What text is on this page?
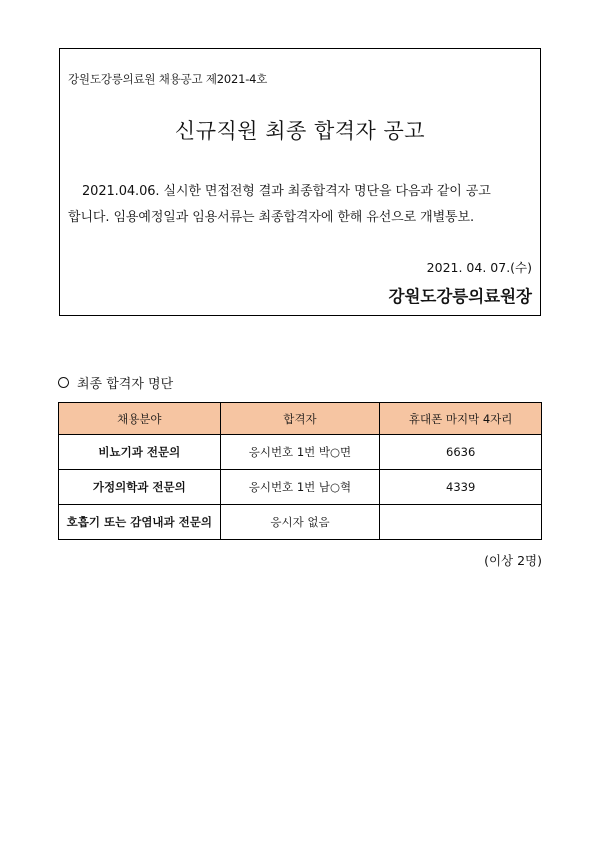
강원도강릉의료원 채용공고 제2021-4호
신규직원 최종 합격자 공고
2021.04.06. 실시한 면접전형 결과 최종합격자 명단을 다음과 같이 공고
합니다. 임용예정일과 임용서류는 최종합격자에 한해 유선으로 개별통보.
2021. 04. 07.(수)
강원도강릉의료원장
최종 합격자 명단
채용분야	합격자	휴대폰 마지막 4자리
비뇨기과 전문의	응시번호 1번 박○면	6636
가정의학과 전문의	응시번호 1번 남○혁	4339
호흡기 또는 감염내과 전문의	응시자 없음	
(이상 2명)
